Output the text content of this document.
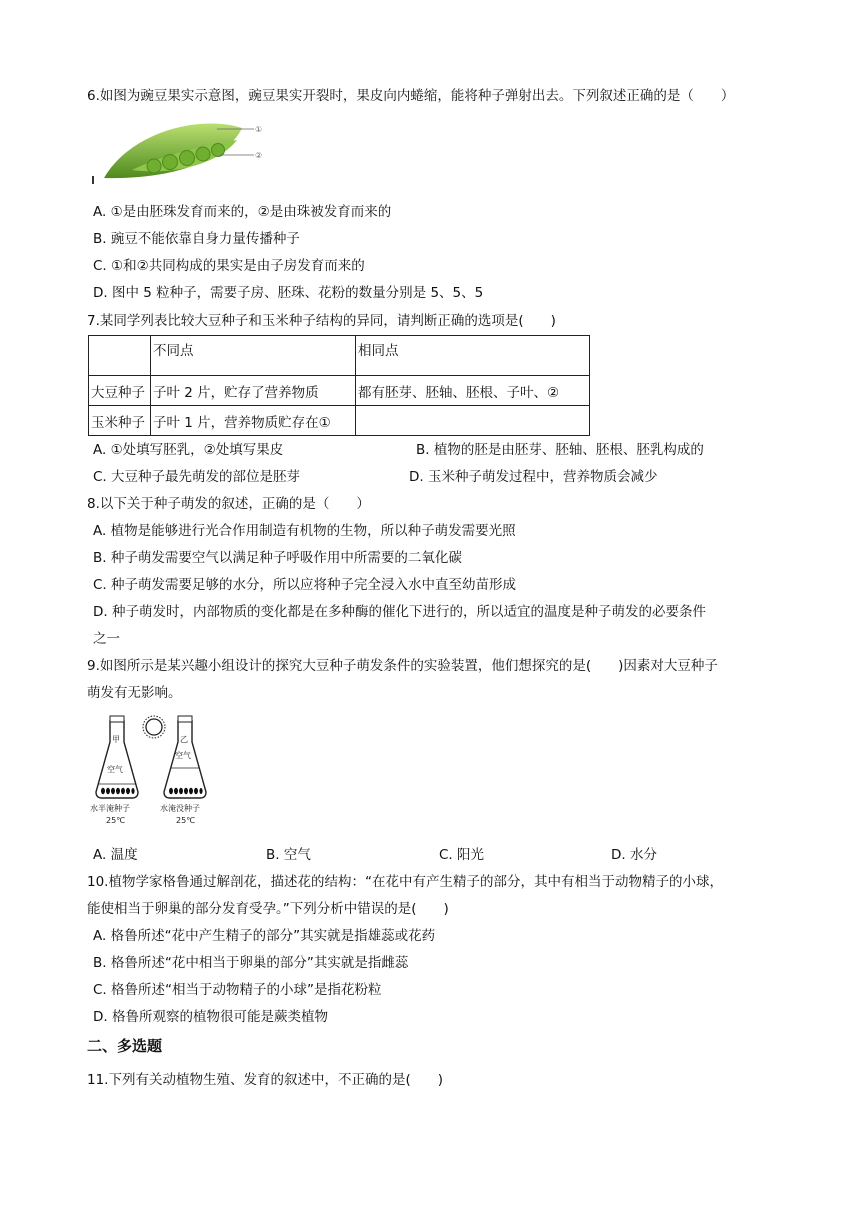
6.如图为豌豆果实示意图，豌豆果实开裂时，果皮向内蜷缩，能将种子弹射出去。下列叙述正确的是（　　）
①
②
A. ①是由胚珠发育而来的，②是由珠被发育而来的
B. 豌豆不能依靠自身力量传播种子
C. ①和②共同构成的果实是由子房发育而来的
D. 图中 5 粒种子，需要子房、胚珠、花粉的数量分别是 5、5、5
7.某同学列表比较大豆种子和玉米种子结构的异同，请判断正确的选项是(　　)
	不同点	相同点
大豆种子	子叶 2 片，贮存了营养物质	都有胚芽、胚轴、胚根、子叶、②
玉米种子	子叶 1 片，营养物质贮存在①	
A. ①处填写胚乳，②处填写果皮	B. 植物的胚是由胚芽、胚轴、胚根、胚乳构成的
C. 大豆种子最先萌发的部位是胚芽	D. 玉米种子萌发过程中，营养物质会减少
8.以下关于种子萌发的叙述，正确的是（　　）
A. 植物是能够进行光合作用制造有机物的生物，所以种子萌发需要光照
B. 种子萌发需要空气以满足种子呼吸作用中所需要的二氧化碳
C. 种子萌发需要足够的水分，所以应将种子完全浸入水中直至幼苗形成
D. 种子萌发时，内部物质的变化都是在多种酶的催化下进行的，所以适宜的温度是种子萌发的必要条件
之一
9.如图所示是某兴趣小组设计的探究大豆种子萌发条件的实验装置，他们想探究的是(　　)因素对大豆种子
萌发有无影响。
甲	乙
空气
空气
水半淹种子	水淹没种子
25℃	25℃
A. 温度	B. 空气	C. 阳光	D. 水分
10.植物学家格鲁通过解剖花，描述花的结构：“在花中有产生精子的部分，其中有相当于动物精子的小球，
能使相当于卵巢的部分发育受孕。”下列分析中错误的是(　　)
A. 格鲁所述“花中产生精子的部分”其实就是指雄蕊或花药
B. 格鲁所述“花中相当于卵巢的部分”其实就是指雌蕊
C. 格鲁所述“相当于动物精子的小球”是指花粉粒
D. 格鲁所观察的植物很可能是蕨类植物
二、多选题
11.下列有关动植物生殖、发育的叙述中，不正确的是(　　)
